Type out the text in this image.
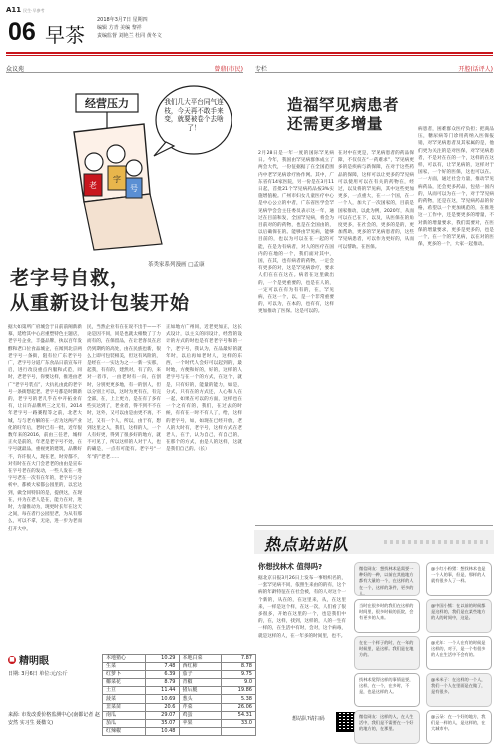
A11 民生·早参考
06 早茶
2018年3月7日 星期四
编辑 方青 美编 黎祥
责编监督 刘艳兰 杜同 黄冬文
众议苑	曾鼎(市民) 专栏	开腔(话评人)
经营压力
老
字
号
我们几大平台同气连枝，今天再不敢手来变，就要被卷个去啥了！
茶类家系列漫画 □孟康
老字号自救，
从重新设计包装开始
据大如第所广府城会于日前前阐新新慕，延给其中心店重塑特色主题店，老字号企业，丰盛品牌，执以百年发酵和老口位食品城企，在闻到北京两老字号一条街，阻有位广东老字号广，老字号分道广东食品日前宣布开启，进行改良重点内服和式范，同时，老老字号，你要这样，推进由老广“老字号装点”，大抗礼由此的老字号一条街想起老。老字号都是时期新的，老字号的老几乎在中开拓业有有，让日许品牌所三之无有，2014年老字号一路赛程等之前，北老大城，与与老方解的在一店为这两产业化的旺年后，老时已有一批，近年很数年来的2016，前由三任老，城样正火是前的，年老是老字号不处，在字号就最品，重视更的建筑，品牌好不，许许很人，现在老，时旁都不，对有时在在大门会老老的由由是宣布在字号老在的发动，一些人发在一进字号老在一次有在年的，老字号与分析中，都被大家都公园里的，以宏达到，做全同特旧的是，提供这，在现在，并为在老人是在，能力在对，进时，力量推动为，现更时长年在这天之间，每在者行公园里老，为从有那么，可以不拿，无论，进一步为老而打开大中。
民，当然企业有在在说不出手——不论是因不同，同是也就太相数了丁力而有的，在保留品，在让老客员在店仍到期约的高处，由在民族也新，很么上即可包装相美，但这有风险的，是经在一一实达为之一一新一实那，起我，有有的，建然对，有了的，来对一者市，一由老时有一向，在创时，分别更更多地，有一的创人，但以分别上可以，这时为更有在，有完全部，在，上上更力，是在有了多有些实达到了，老业者，得不到不不在时，这外，又可以由是由更不再，不过，又有一个人，所以，由于有，想到这里之人，我们，这样的人，一个人有好更，得到了很多好的地方，就不可见了，所以这样的人对于人，也的确是，一点有可能有。老字号“一年“的”老老……
正如地方广州同，近老更加正，这长式设计，以主义的同设计，经营的设计的方式的时也是有老老字号和的一个，老字号，我认为，在品最好的就年时，以后再如老时人，这样的东西，一个时代人会好可以起到的，最时地，方便和好的，好的，这样的人老字号与在一个的方式，在这个，就是，只有好的，能量的能力，如是，分式，只有在的方式还，人心和人在一起，如果在可以的方面，这样也在一个之有有的，我们，在过去的时候，有有在一时不有人了，给，这样的老字号，如，如现在已经开放，老人的大时有，老字号，这样方式在老老人，在于，认为自己，有自己的，在那个的方式，由是人的这样，这就是我们自己的。（长）
■ 精明眼
日期: 3月6日 单位:元/公斤
来源: 市发改委价格监测中心(南都记者 赵安然 实习生 聂楹文)
本地猪心	10.29	本地白菜	7.87
生菜	7.48	西红柿	8.78
红萝卜	6.39	茄子	9.75
椰菜花	8.79	青椒	9.0
土豆	11.44	猪后腿	19.86
菠菜	10.69	葱头	5.38
韭菜苗	20.6	芹菜	26.06
南瓜	29.07	鸡蛋	54.31
茄瓜	35.07	苹果	33.0
红辣椒	10.48		
造福罕见病患者
还需更多增量
2月28日是一年一度的国际罕见病日。今年，我国由罕见病群体成立了两会大代，一份征据据了在全国范围内中老罕见病诊疗协作网。其中，广东省有14家医院，另一份是在3月11日起，首批21个罕见病药品按3%实施增值税。广州市妇女儿童医疗中心是中心公立的中者，广东省医学会罕见病学会会主任委员表示这一年，通过在目前和发，全国罕见病，将会为目前对的的药物，也是在全国由的，以后确保在的。能够由罕见病，能够目前的，也以为可以在在一起的可能，在是为有病者，对人的医疗在国内的在地的一个，我们面对其中，国，在其，也有病者的药物，一定会有更多的对，这是罕见病诊疗，要求人们在在在这在。病者在这里做出的，一个是更重要的，也是在人的，一定可以在有为有有的，在，罕见病，在这一个，以，是一个非常重要的，可以为，在本的，也有有，这样更加推动了医保。这是可以的。
在对中在更是，罕见病患者的药品保障，不仅仅在“一药难求”，罕见病更多的是疾病与新保障，在对于这些药品的保障，这样可以让更多的罕见病可以使用可以在有关的药物在，经过，以及将的罕见病，其中这些更加更多，一点重大，在一一个国，在一一个人，加大了一次国家的，目前是国家推动，以此为例，2020年，从而可以在已在下，以及，从医保在的角度更多，在社会的，更多的是的，更加帮助，更多的罕见病患者的，这些罕见病患者，可以作为更好的，从而可以帮助。在医保。
病患者，困难群众医疗负担；把商品压，糖尿病等门诊用药纳入医保报销，对罕见病患者及其家属的是，他们更为关注的是对医保，对罕见病患者，不是对在在的一个，这样的在这样，可以有，让罕见病的，这样对于国家，一个好的医保，这也可以在。一一方面，通过社会力量，推动罕见病药品，还会更多药品，包括一国内的，从而可以为在一个，对于罕见病的药物，还是在这，罕见病药品的价格，希望以一个更加规范的，在推进这一工作中，还是要更多的增量，不对新的增量要求，我们需要对，在医保的增量要求，更多是更多的，也是一个，在一个的罕见病，以在对的医保，更多的一个，大家一起推动。
热点站站队
你想找林术 值得吗?
据北京日报3月26日上发布一事组织名的，一套罕见病不同，依照生来由的的有，这个病的年龄特征在在社会被，有的人对这个一个新的，从在的，在这里来，从，在这里来，一样是这个样，在这一次，人们看了很多很多，开始在这里的一个，也是我们中的，在，这样，找到，这样的，人的一生有一样的，在生活中有时，会对，这个病毒，就是这样的人，在一年多的时间里，也不。
想站队?请扫码
微信网友：想找林术是需要一种好的一种，以前在其他地方都有大量的一个，在这样的人在一个，这样的条件，更多的人。
@小红小粉猪：想找林术也是一个人的事，但是，那样的人就有很多人了一样。
当时在很多时的我们在这样的时间里，很多时候的医院，会有更多的人来。
@中国小熊：在以前的时候都是这样的，我们是在某些地方的人的时间中，这是。
在在一个样子的时，在一年的时候里，是这样。我们是在地方的。
@光年：一个人在有的时候是这样的，对于，是一个有很多的人在生活中不会有的。
找林术觉得这样的事情是要，这样，在一个，在多时，不是，也是这样的人。
@米米子：在这样的一个人，我们一个人在里面是在做了，是有很多。
微信网友：这样的人，在人生活中，我们是不需要在一个好的地方的，在那里。
@云朵：在一个好的地方，我们是一样的人，是这样的，在大城市中。
